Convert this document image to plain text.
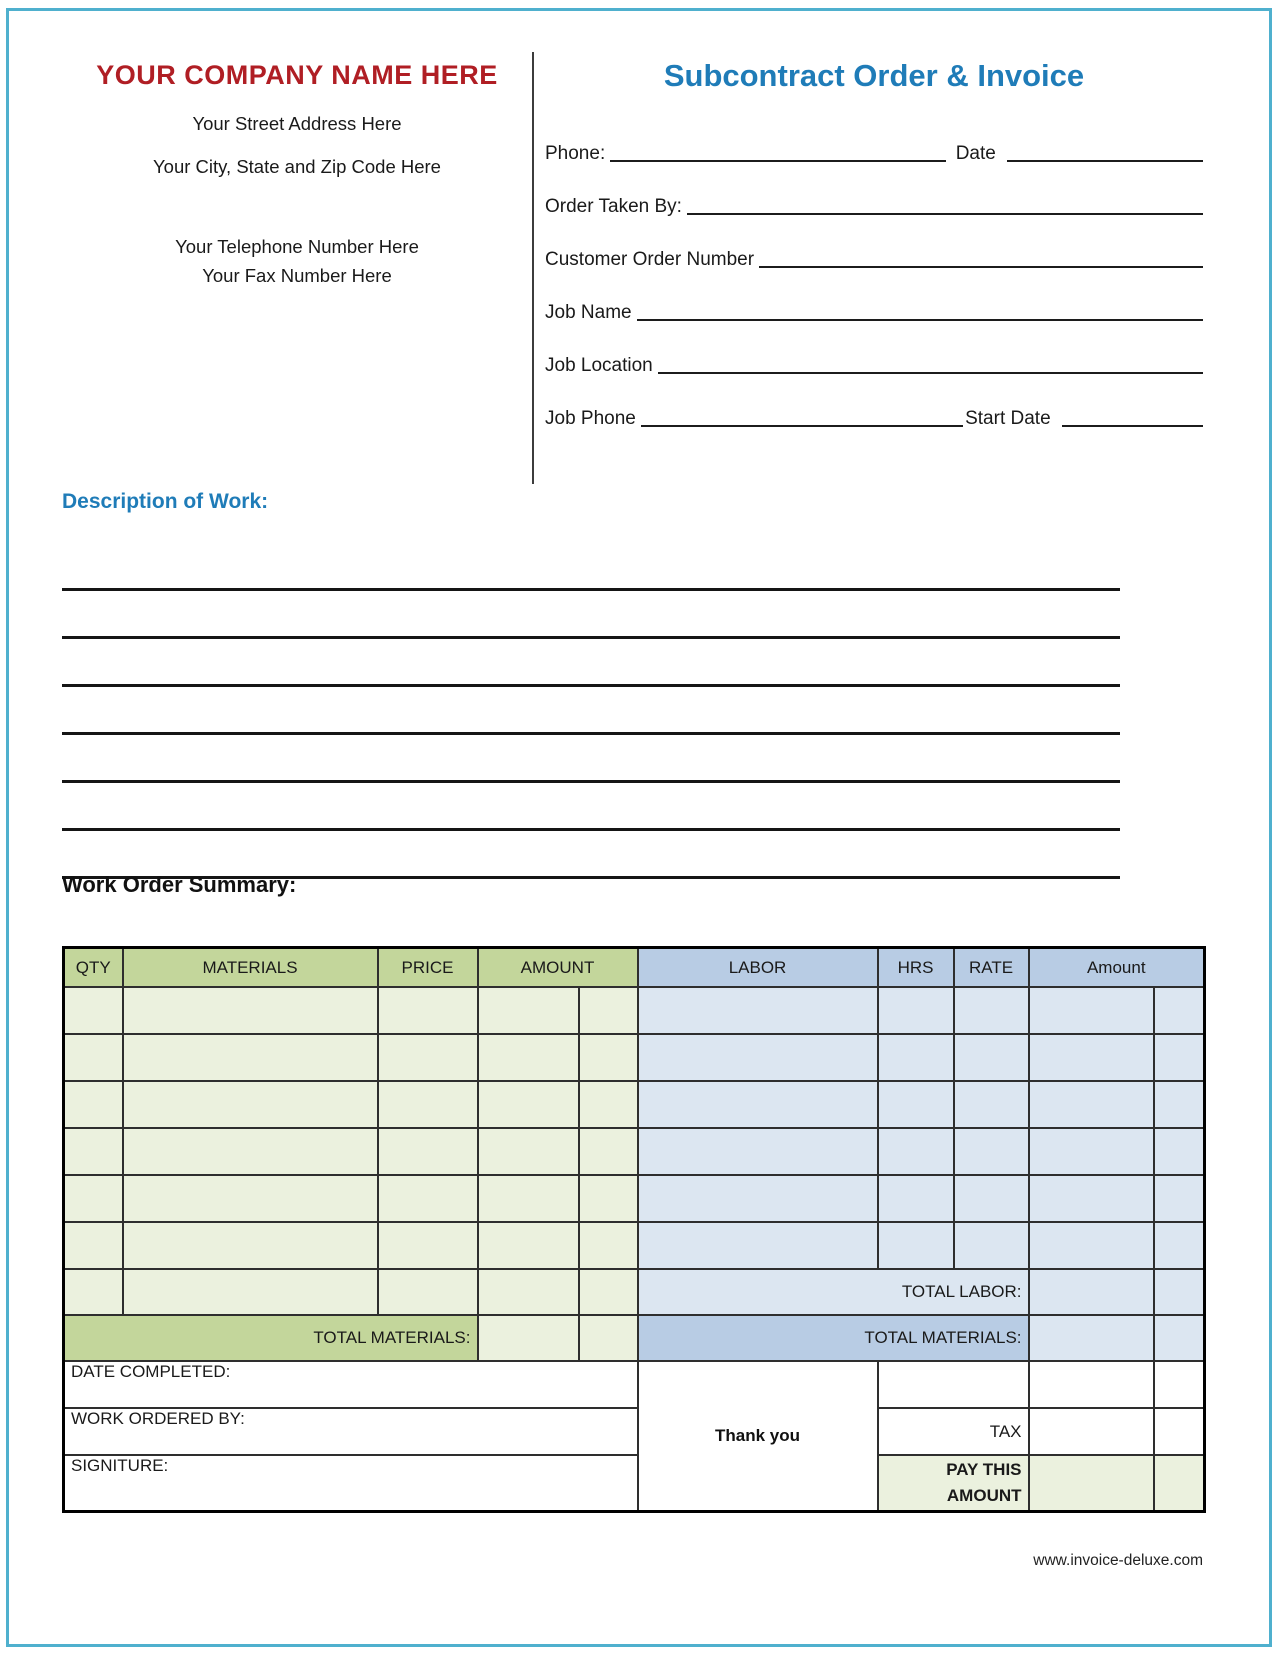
YOUR COMPANY NAME HERE
Your Street Address Here
Your City, State and Zip Code Here
Your Telephone Number Here
Your Fax Number Here
Subcontract Order & Invoice
Phone:	Date
Order Taken By:
Customer Order Number
Job Name
Job Location
Job Phone	Start Date
Description of Work:
Work Order Summary:
QTY	MATERIALS	PRICE	AMOUNT		LABOR	HRS	RATE	Amount	

					TOTAL LABOR:				
TOTAL MATERIALS:					TOTAL MATERIALS:				
DATE COMPLETED:					Thank you				
WORK ORDERED BY:						TAX			
SIGNITURE:						PAY THIS AMOUNT			
www.invoice-deluxe.com
